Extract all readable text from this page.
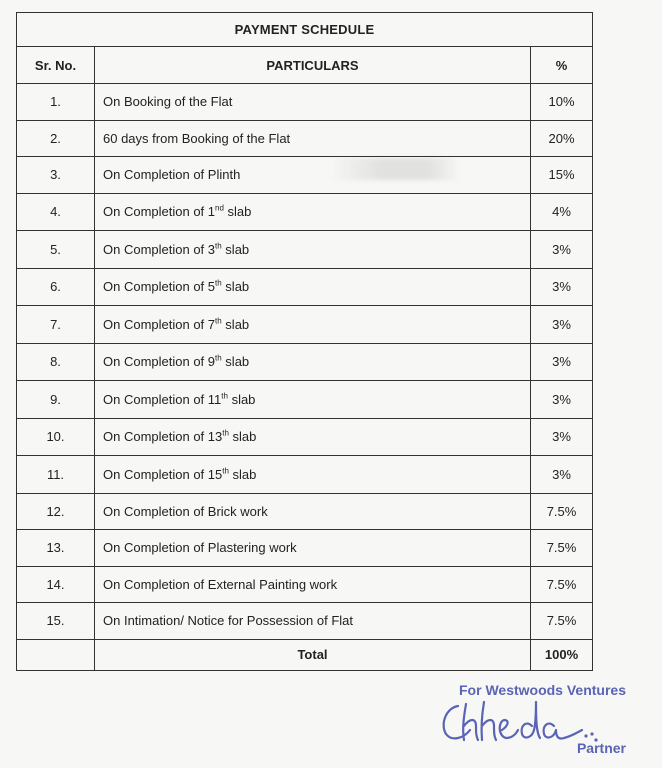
PAYMENT SCHEDULE		
Sr. No.	PARTICULARS	%
1.	On Booking of the Flat	10%
2.	60 days from Booking of the Flat	20%
3.	On Completion of Plinth	15%
4.	On Completion of 1nd slab	4%
5.	On Completion of 3th slab	3%
6.	On Completion of 5th slab	3%
7.	On Completion of 7th slab	3%
8.	On Completion of 9th slab	3%
9.	On Completion of 11th slab	3%
10.	On Completion of 13th slab	3%
11.	On Completion of 15th slab	3%
12.	On Completion of Brick work	7.5%
13.	On Completion of Plastering work	7.5%
14.	On Completion of External Painting work	7.5%
15.	On Intimation/ Notice for Possession of Flat	7.5%
	Total	100%
For Westwoods Ventures
Partner
